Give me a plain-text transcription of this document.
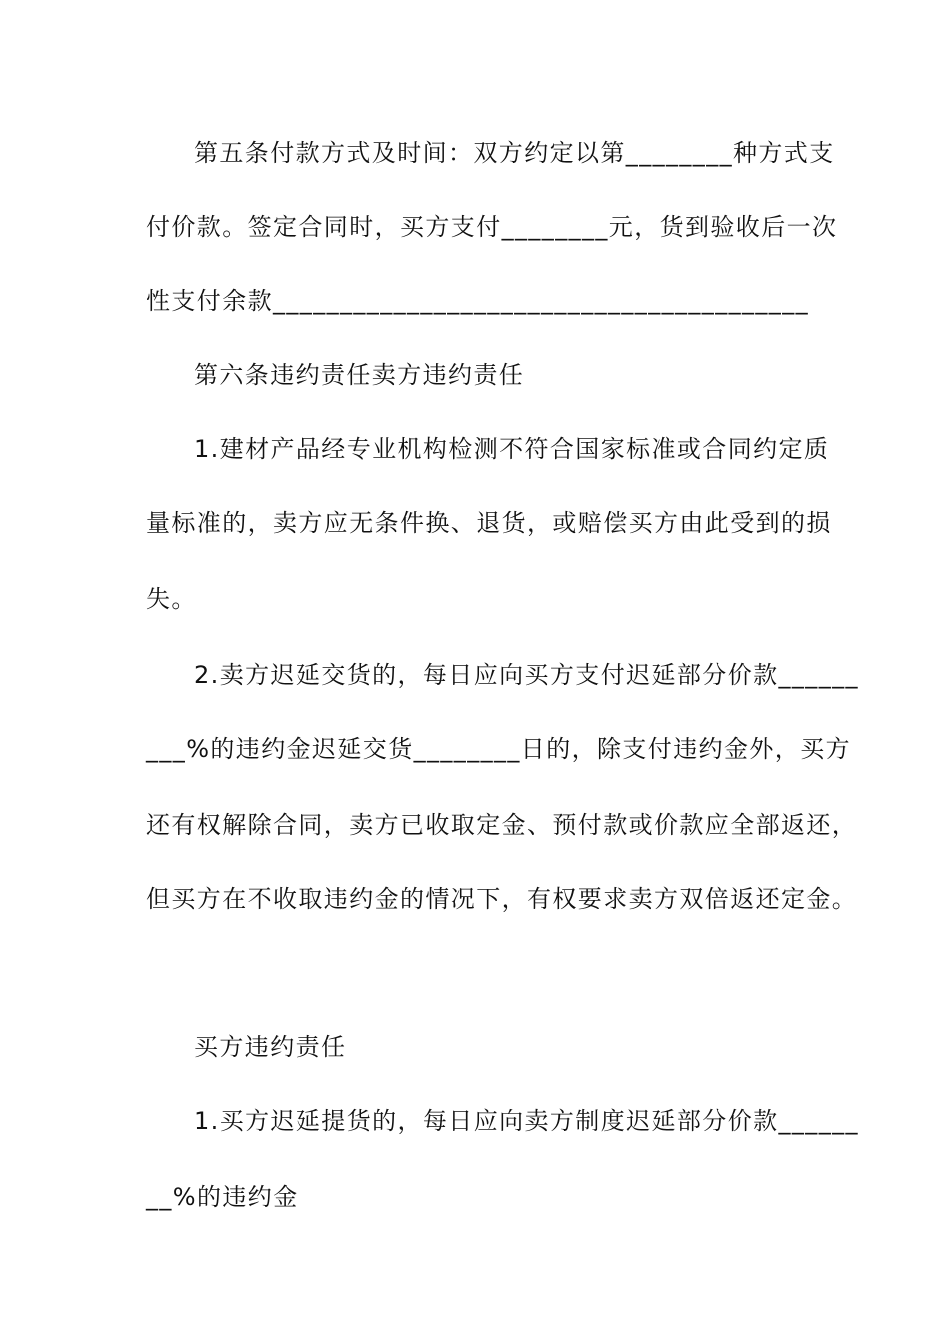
第五条付款方式及时间：双方约定以第________种方式支
付价款。签定合同时，买方支付________元，货到验收后一次
性支付余款________________________________________
第六条违约责任卖方违约责任
1.建材产品经专业机构检测不符合国家标准或合同约定质
量标准的，卖方应无条件换、退货，或赔偿买方由此受到的损
失。
2.卖方迟延交货的，每日应向买方支付迟延部分价款______
___%的违约金迟延交货________日的，除支付违约金外，买方
还有权解除合同，卖方已收取定金、预付款或价款应全部返还，
但买方在不收取违约金的情况下，有权要求卖方双倍返还定金。
买方违约责任
1.买方迟延提货的，每日应向卖方制度迟延部分价款______
__%的违约金
